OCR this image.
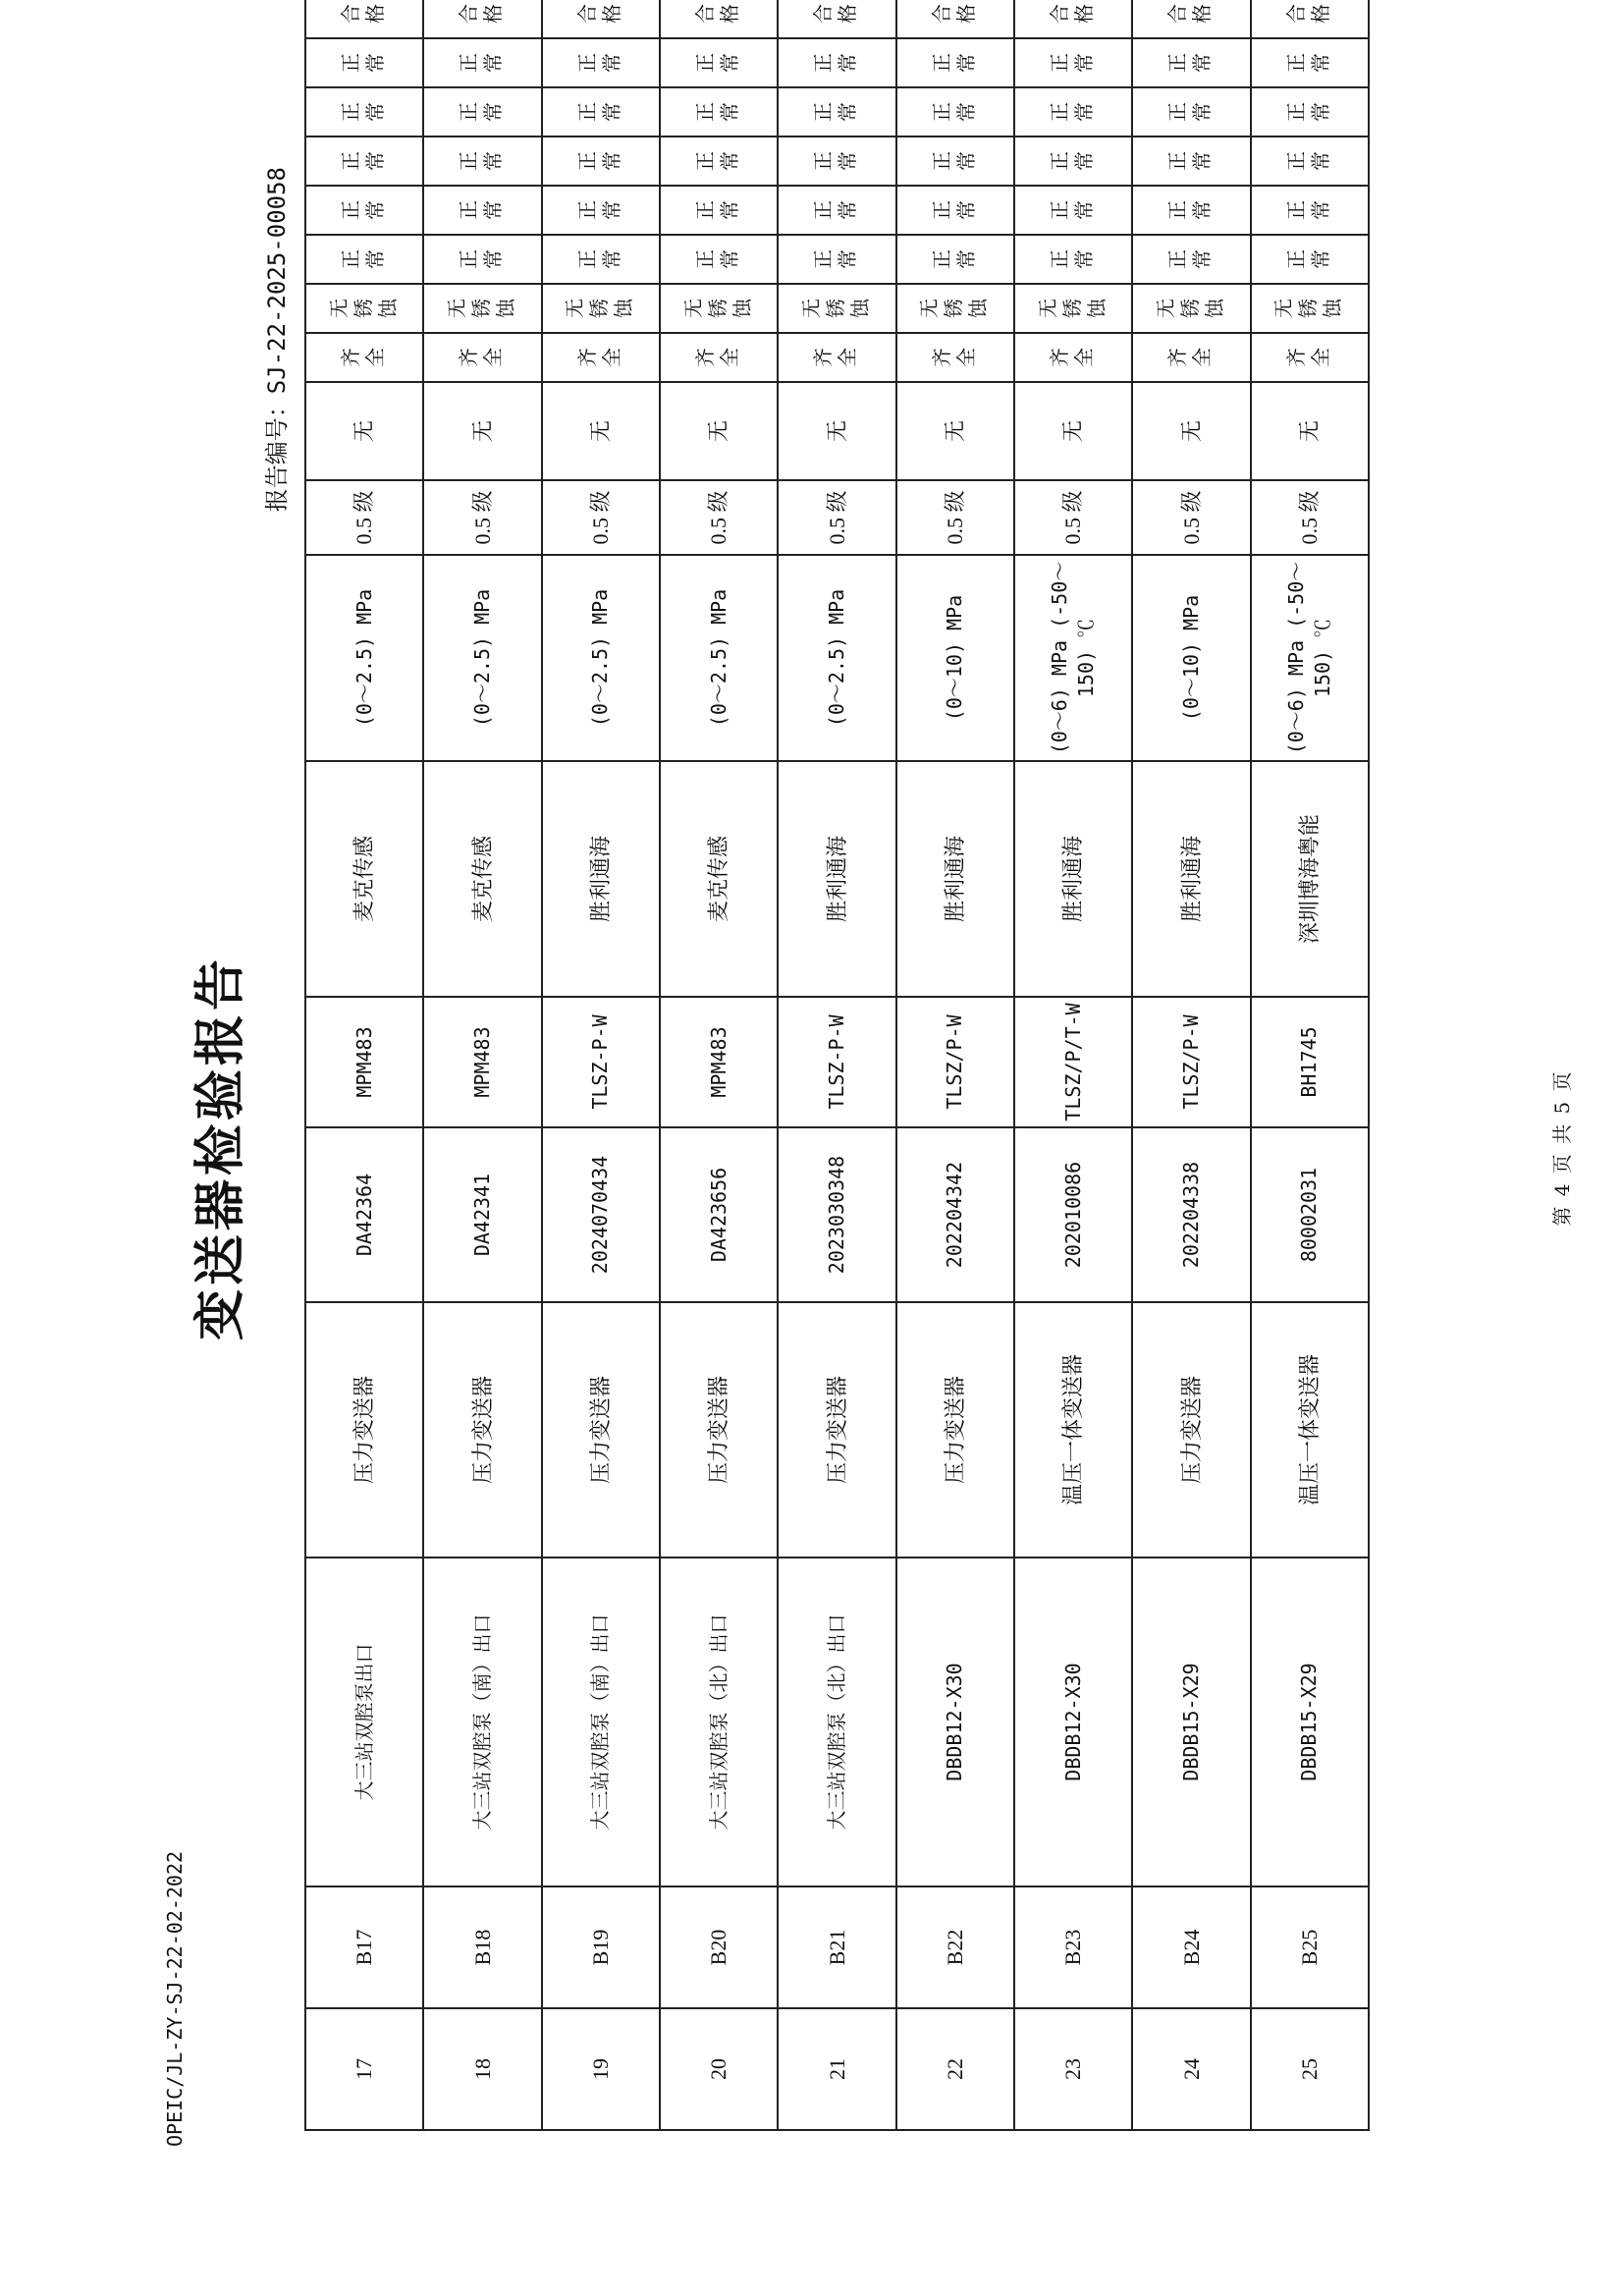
OPEIC/JL-ZY-SJ-22-02-2022
变送器检验报告
报告编号：SJ-22-2025-00058
17	B17	大三站双腔泵出口	压力变送器	DA42364	MPM483	麦克传感	(0～2.5) MPa	0.5 级	无	齐 全	无 锈 蚀	正 常	正 常	正 常	正 常	正 常	合 格

18	B18	大三站双腔泵（南）出口	压力变送器	DA42341	MPM483	麦克传感	(0～2.5) MPa	0.5 级	无	齐 全	无 锈 蚀	正 常	正 常	正 常	正 常	正 常	合 格

19	B19	大三站双腔泵（南）出口	压力变送器	2024070434	TLSZ-P-W	胜利通海	(0～2.5) MPa	0.5 级	无	齐 全	无 锈 蚀	正 常	正 常	正 常	正 常	正 常	合 格

20	B20	大三站双腔泵（北）出口	压力变送器	DA423656	MPM483	麦克传感	(0～2.5) MPa	0.5 级	无	齐 全	无 锈 蚀	正 常	正 常	正 常	正 常	正 常	合 格

21	B21	大三站双腔泵（北）出口	压力变送器	2023030348	TLSZ-P-W	胜利通海	(0～2.5) MPa	0.5 级	无	齐 全	无 锈 蚀	正 常	正 常	正 常	正 常	正 常	合 格

22	B22	DBDB12-X30	压力变送器	202204342	TLSZ/P-W	胜利通海	(0～10) MPa	0.5 级	无	齐 全	无 锈 蚀	正 常	正 常	正 常	正 常	正 常	合 格

23	B23	DBDB12-X30	温压一体变送器	202010086	TLSZ/P/T-W	胜利通海	(0～6) MPa (-50～150) ℃	0.5 级	无	齐 全	无 锈 蚀	正 常	正 常	正 常	正 常	正 常	合 格

24	B24	DBDB15-X29	压力变送器	202204338	TLSZ/P-W	胜利通海	(0～10) MPa	0.5 级	无	齐 全	无 锈 蚀	正 常	正 常	正 常	正 常	正 常	合 格

25	B25	DBDB15-X29	温压一体变送器	80002031	BH1745	深圳博海粤能	(0～6) MPa (-50～150) ℃	0.5 级	无	齐 全	无 锈 蚀	正 常	正 常	正 常	正 常	正 常	合 格
第 4 页 共 5 页
